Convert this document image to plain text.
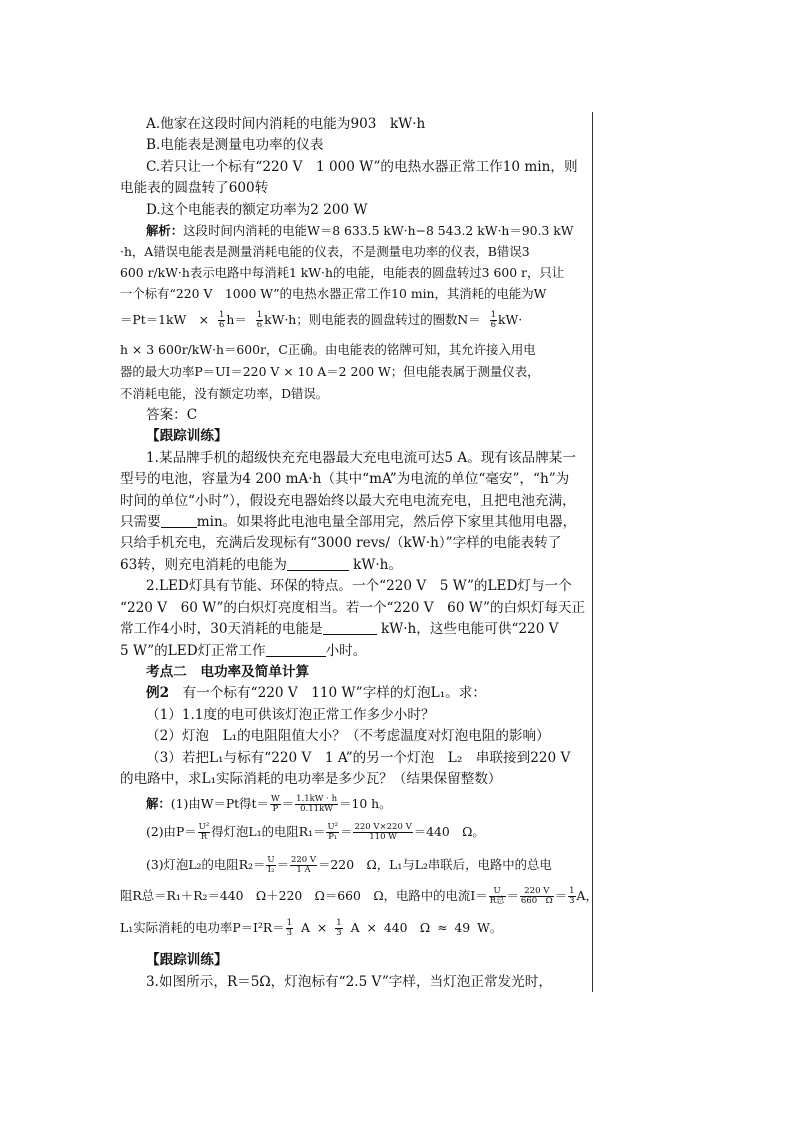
A.他家在这段时间内消耗的电能为903　kW·h
B.电能表是测量电功率的仪表
C.若只让一个标有“220 V　1 000 W”的电热水器正常工作10 min，则
电能表的圆盘转了600转
D.这个电能表的额定功率为2 200 W
解析：这段时间内消耗的电能W＝8 633.5 kW·h−8 543.2 kW·h＝90.3 kW
·h，A错误电能表是测量消耗电能的仪表，不是测量电功率的仪表，B错误3
600 r/kW·h表示电路中每消耗1 kW·h的电能，电能表的圆盘转过3 600 r，只让
一个标有“220 V　1000 W”的电热水器正常工作10 min，其消耗的电能为W
＝Pt＝1kW　× $\frac{1}{6} h= \frac{1}{6} kW\cdot h$；则电能表的圆盘转过的圈数$N= \frac{1}{6} kW\cdot$
h × 3 600r/kW·h＝600r，C正确。由电能表的铭牌可知，其允许接入用电
器的最大功率P＝UI＝220 V × 10 A＝2 200 W；但电能表属于测量仪表，
不消耗电能，没有额定功率，D错误。
答案：C
【跟踪训练】
1.某品牌手机的超级快充充电器最大充电电流可达5 A。现有该品牌某一
型号的电池，容量为4 200 mA·h（其中“mA”为电流的单位“毫安”，“h”为
时间的单位“小时”），假设充电器始终以最大充电电流充电，且把电池充满，
只需要	min。如果将此电池电量全部用完，然后停下家里其他用电器，
只给手机充电，充满后发现标有“3000 revs/（kW·h）”字样的电能表转了
63转，则充电消耗的电能为	kW·h。
2.LED灯具有节能、环保的特点。一个“220 V　5 W”的LED灯与一个
“220 V　60 W”的白炽灯亮度相当。若一个“220 V　60 W”的白炽灯每天正
常工作4小时，30天消耗的电能是	kW·h，这些电能可供“220 V
5 W”的LED灯正常工作	小时。
考点二　电功率及简单计算
例2　有一个标有“220 V　110 W”字样的灯泡L₁。求：
（1）1.1度的电可供该灯泡正常工作多少小时？
（2）灯泡　L₁的电阻阻值大小？（不考虑温度对灯泡电阻的影响）
（3）若把L₁与标有“220 V　1 A”的另一个灯泡　L₂　串联接到220 V
的电路中，求L₁实际消耗的电功率是多少瓦？（结果保留整数）
解：(1)由W＝Pt得$t= \frac{W}{P} = \frac{1.1kW \cdot h}{0.11kW} =10$ h。
(2)由$P= \frac{\text{U²}}{R}$ 得灯泡L₁的电阻$R_1= \frac{\text{U²}}{\text{P₁}} = \frac{220 V\times 220 V}{110 W} =440$　Ω。
(3)灯泡L₂的电阻$R_2= \frac{U}{\text{I₂}} = \frac{220 V}{1 A} =220$　Ω，L₁与L₂串联后，电路中的总电
阻R总＝R₁＋R₂＝440　Ω＋220　Ω＝660　Ω，电路中的电流I＝ U
R总 ＝ $\frac{220 V}{660 \Omega} = \frac{1}{3}$ A，
L₁实际消耗的电功率$P=I^2R= \frac{1}{3}$ $A \times \frac{1}{3}$ A × 440　Ω ≈ 49 W。
【跟踪训练】
3.如图所示，R＝5Ω，灯泡标有“2.5 V”字样，当灯泡正常发光时，
